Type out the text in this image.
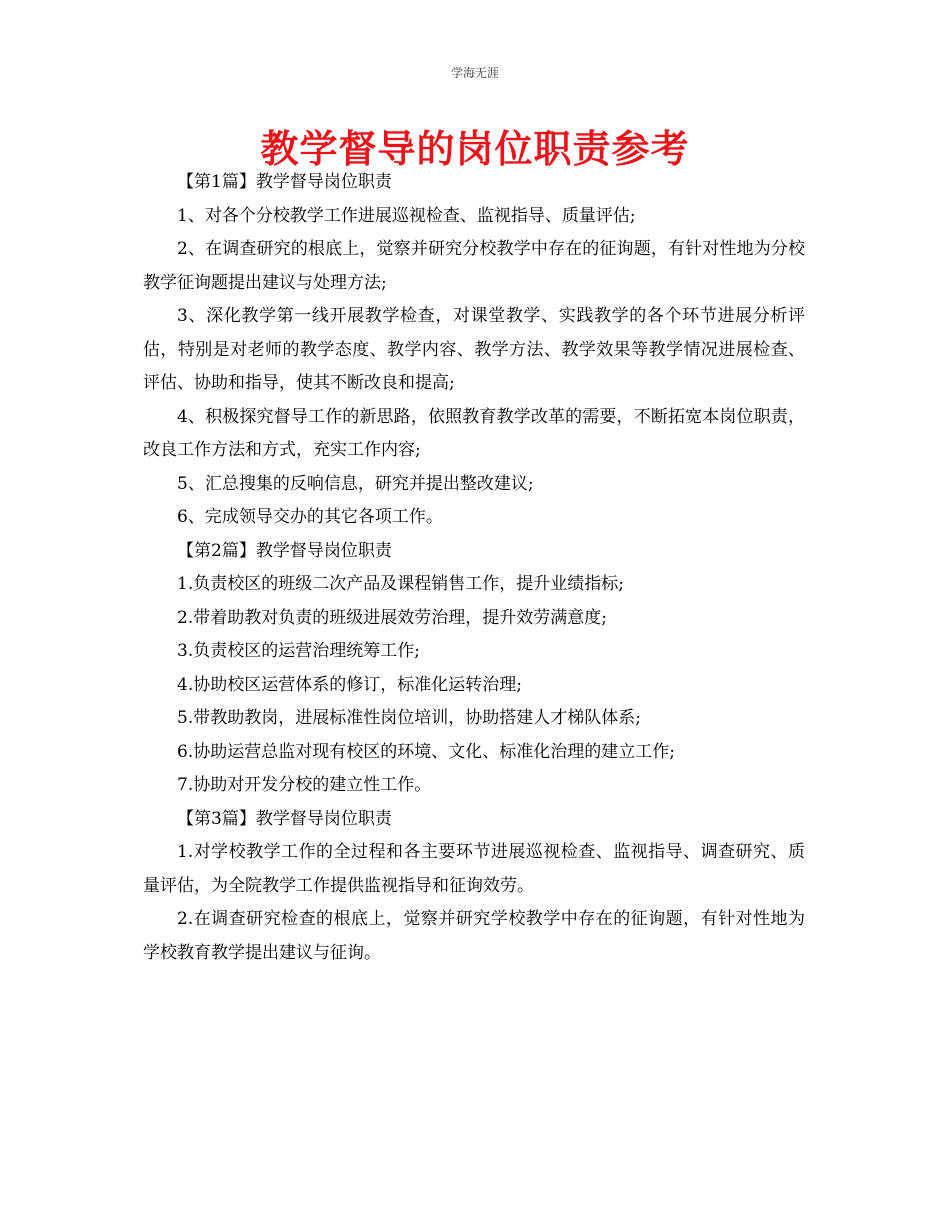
学海无涯
教学督导的岗位职责参考

【第1篇】教学督导岗位职责

1、对各个分校教学工作进展巡视检查、监视指导、质量评估;

2、在调查研究的根底上，觉察并研究分校教学中存在的征询题，有针对性地为分校教学征询题提出建议与处理方法;

3、深化教学第一线开展教学检查，对课堂教学、实践教学的各个环节进展分析评估，特别是对老师的教学态度、教学内容、教学方法、教学效果等教学情况进展检查、评估、协助和指导，使其不断改良和提高;

4、积极探究督导工作的新思路，依照教育教学改革的需要，不断拓宽本岗位职责，改良工作方法和方式，充实工作内容;

5、汇总搜集的反响信息，研究并提出整改建议;

6、完成领导交办的其它各项工作。

【第2篇】教学督导岗位职责

1.负责校区的班级二次产品及课程销售工作，提升业绩指标;

2.带着助教对负责的班级进展效劳治理，提升效劳满意度;

3.负责校区的运营治理统筹工作;

4.协助校区运营体系的修订，标准化运转治理;

5.带教助教岗，进展标准性岗位培训，协助搭建人才梯队体系;

6.协助运营总监对现有校区的环境、文化、标准化治理的建立工作;

7.协助对开发分校的建立性工作。

【第3篇】教学督导岗位职责

1.对学校教学工作的全过程和各主要环节进展巡视检查、监视指导、调查研究、质量评估，为全院教学工作提供监视指导和征询效劳。

2.在调查研究检查的根底上，觉察并研究学校教学中存在的征询题，有针对性地为学校教育教学提出建议与征询。
